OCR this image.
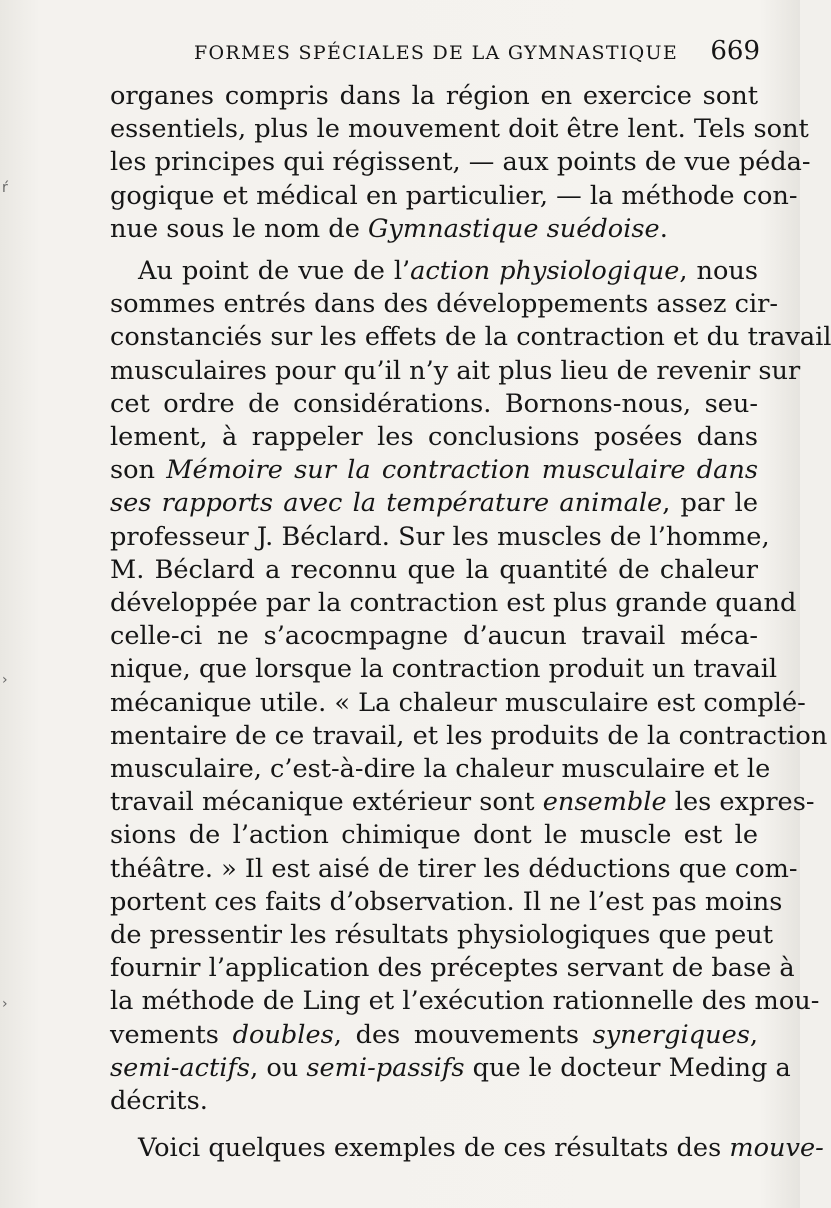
FORMES SPÉCIALES DE LA GYMNASTIQUE 669
ŕ
›
›
organes compris dans la région en exercice sont
essentiels, plus le mouvement doit être lent. Tels sont
les principes qui régissent, — aux points de vue péda-
gogique et médical en particulier, — la méthode con-
nue sous le nom de Gymnastique suédoise.
Au point de vue de l’action physiologique, nous
sommes entrés dans des développements assez cir-
constanciés sur les effets de la contraction et du travail
musculaires pour qu’il n’y ait plus lieu de revenir sur
cet ordre de considérations. Bornons-nous, seu-
lement, à rappeler les conclusions posées dans
son Mémoire sur la contraction musculaire dans
ses rapports avec la température animale, par le
professeur J. Béclard. Sur les muscles de l’homme,
M. Béclard a reconnu que la quantité de chaleur
développée par la contraction est plus grande quand
celle-ci ne s’acocmpagne d’aucun travail méca-
nique, que lorsque la contraction produit un travail
mécanique utile. « La chaleur musculaire est complé-
mentaire de ce travail, et les produits de la contraction
musculaire, c’est-à-dire la chaleur musculaire et le
travail mécanique extérieur sont ensemble les expres-
sions de l’action chimique dont le muscle est le
théâtre. » Il est aisé de tirer les déductions que com-
portent ces faits d’observation. Il ne l’est pas moins
de pressentir les résultats physiologiques que peut
fournir l’application des préceptes servant de base à
la méthode de Ling et l’exécution rationnelle des mou-
vements doubles, des mouvements synergiques,
semi-actifs, ou semi-passifs que le docteur Meding a
décrits.
Voici quelques exemples de ces résultats des mouve-
